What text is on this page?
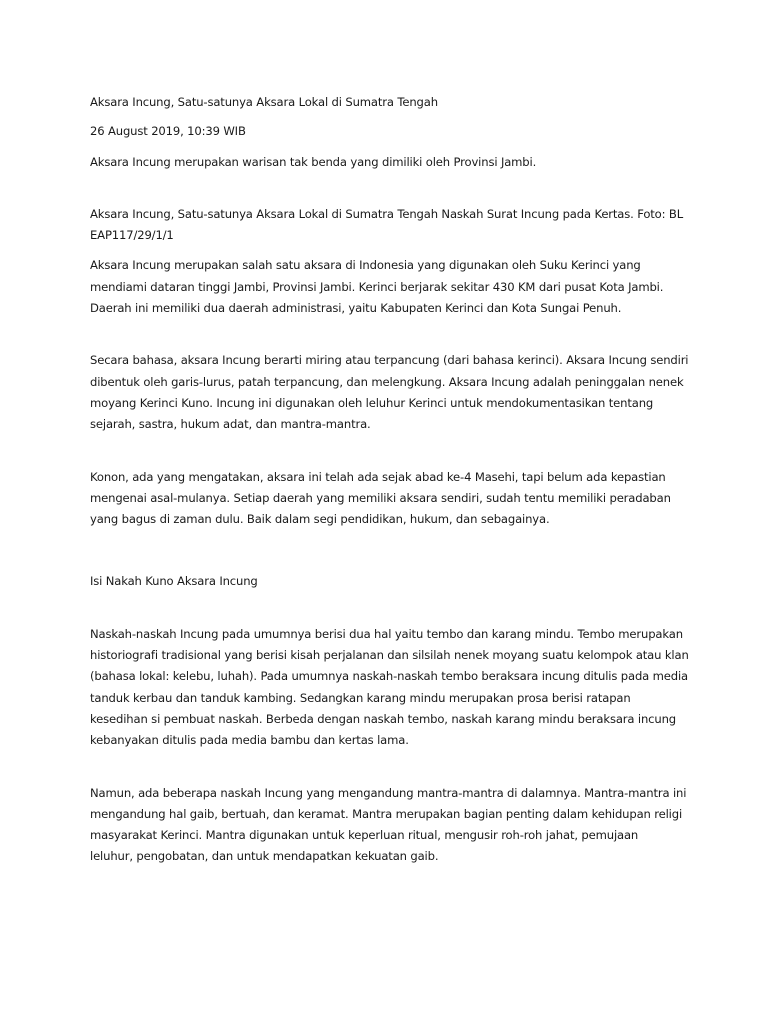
Aksara Incung, Satu-satunya Aksara Lokal di Sumatra Tengah

26 August 2019, 10:39 WIB

Aksara Incung merupakan warisan tak benda yang dimiliki oleh Provinsi Jambi.

Aksara Incung, Satu-satunya Aksara Lokal di Sumatra Tengah Naskah Surat Incung pada Kertas. Foto: BL
EAP117/29/1/1

Aksara Incung merupakan salah satu aksara di Indonesia yang digunakan oleh Suku Kerinci yang
mendiami dataran tinggi Jambi, Provinsi Jambi. Kerinci berjarak sekitar 430 KM dari pusat Kota Jambi.
Daerah ini memiliki dua daerah administrasi, yaitu Kabupaten Kerinci dan Kota Sungai Penuh.

Secara bahasa, aksara Incung berarti miring atau terpancung (dari bahasa kerinci). Aksara Incung sendiri
dibentuk oleh garis-lurus, patah terpancung, dan melengkung. Aksara Incung adalah peninggalan nenek
moyang Kerinci Kuno. Incung ini digunakan oleh leluhur Kerinci untuk mendokumentasikan tentang
sejarah, sastra, hukum adat, dan mantra-mantra.

Konon, ada yang mengatakan, aksara ini telah ada sejak abad ke-4 Masehi, tapi belum ada kepastian
mengenai asal-mulanya. Setiap daerah yang memiliki aksara sendiri, sudah tentu memiliki peradaban
yang bagus di zaman dulu. Baik dalam segi pendidikan, hukum, dan sebagainya.

Isi Nakah Kuno Aksara Incung

Naskah-naskah Incung pada umumnya berisi dua hal yaitu tembo dan karang mindu. Tembo merupakan
historiografi tradisional yang berisi kisah perjalanan dan silsilah nenek moyang suatu kelompok atau klan
(bahasa lokal: kelebu, luhah). Pada umumnya naskah-naskah tembo beraksara incung ditulis pada media
tanduk kerbau dan tanduk kambing. Sedangkan karang mindu merupakan prosa berisi ratapan
kesedihan si pembuat naskah. Berbeda dengan naskah tembo, naskah karang mindu beraksara incung
kebanyakan ditulis pada media bambu dan kertas lama.

Namun, ada beberapa naskah Incung yang mengandung mantra-mantra di dalamnya. Mantra-mantra ini
mengandung hal gaib, bertuah, dan keramat. Mantra merupakan bagian penting dalam kehidupan religi
masyarakat Kerinci. Mantra digunakan untuk keperluan ritual, mengusir roh-roh jahat, pemujaan
leluhur, pengobatan, dan untuk mendapatkan kekuatan gaib.
